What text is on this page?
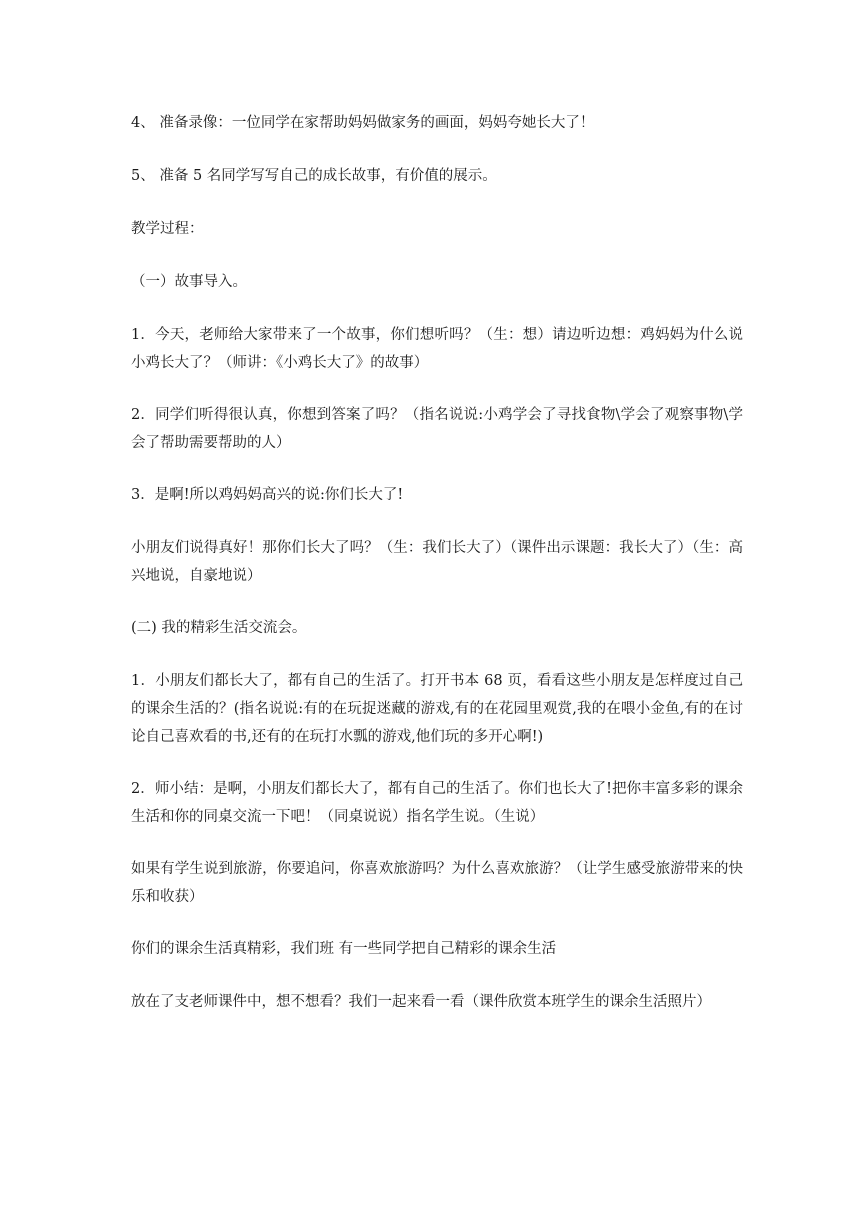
4、 准备录像：一位同学在家帮助妈妈做家务的画面，妈妈夸她长大了！

5、 准备 5 名同学写写自己的成长故事，有价值的展示。

教学过程：

（一）故事导入。

1．今天，老师给大家带来了一个故事，你们想听吗？（生：想）请边听边想：鸡妈妈为什么说小鸡长大了？（师讲：《小鸡长大了》的故事）

2．同学们听得很认真，你想到答案了吗？（指名说说:小鸡学会了寻找食物\学会了观察事物\学会了帮助需要帮助的人）

3．是啊!所以鸡妈妈高兴的说:你们长大了!

小朋友们说得真好！那你们长大了吗？（生：我们长大了）（课件出示课题：我长大了）（生：高兴地说，自豪地说）

(二) 我的精彩生活交流会。

1．小朋友们都长大了，都有自己的生活了。打开书本 68 页，看看这些小朋友是怎样度过自己的课余生活的？(指名说说:有的在玩捉迷藏的游戏,有的在花园里观赏,我的在喂小金鱼,有的在讨论自己喜欢看的书,还有的在玩打水瓢的游戏,他们玩的多开心啊!)

2．师小结：是啊，小朋友们都长大了，都有自己的生活了。你们也长大了!把你丰富多彩的课余生活和你的同桌交流一下吧！（同桌说说）指名学生说。（生说）

如果有学生说到旅游，你要追问，你喜欢旅游吗？为什么喜欢旅游？（让学生感受旅游带来的快乐和收获）

你们的课余生活真精彩，我们班 有一些同学把自己精彩的课余生活

放在了支老师课件中，想不想看？我们一起来看一看（课件欣赏本班学生的课余生活照片）
